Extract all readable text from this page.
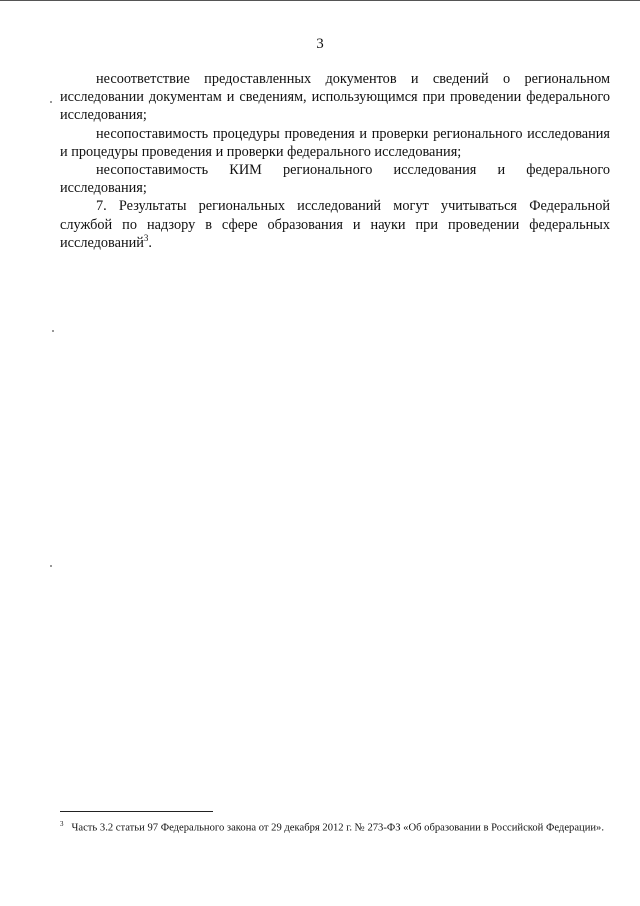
3

несоответствие предоставленных документов и сведений о региональном исследовании документам и сведениям, использующимся при проведении федерального исследования;

несопоставимость процедуры проведения и проверки регионального исследования и процедуры проведения и проверки федерального исследования;

несопоставимость КИМ регионального исследования и федерального исследования;

7. Результаты региональных исследований могут учитываться Федеральной службой по надзору в сфере образования и науки при проведении федеральных исследований$^3$.

$^3$ Часть 3.2 статьи 97 Федерального закона от 29 декабря 2012 г. № 273-ФЗ «Об образовании в Российской Федерации».
